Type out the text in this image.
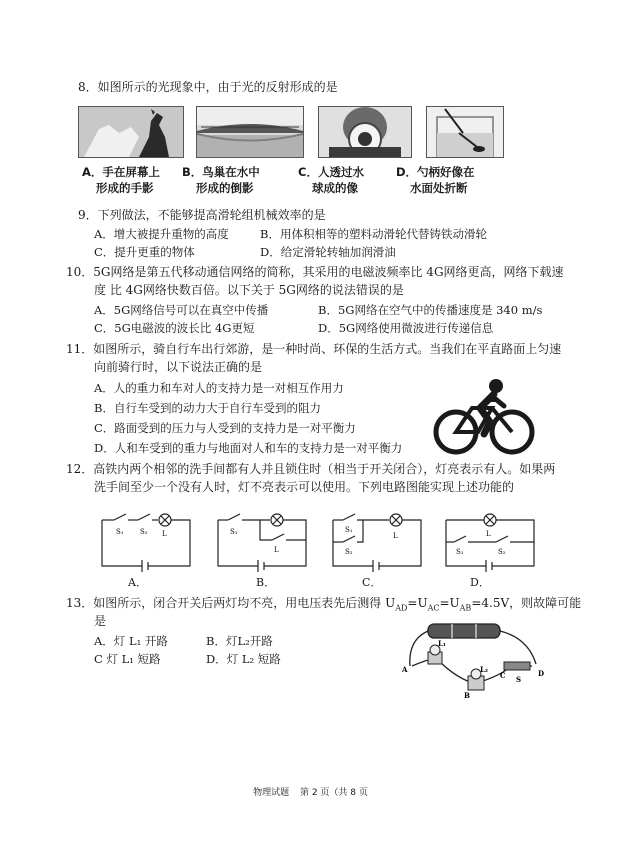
8．如图所示的光现象中，由于光的反射形成的是
A．手在屏幕上
形成的手影
B．鸟巢在水中
形成的倒影
C．人透过水
球成的像
D．勺柄好像在
水面处折断
9．下列做法，不能够提高滑轮组机械效率的是
A．增大被提升重物的高度	B．用体积相等的塑料动滑轮代替铸铁动滑轮
C．提升更重的物体	D．给定滑轮转轴加润滑油
10．5G网络是第五代移动通信网络的简称，其采用的电磁波频率比 4G网络更高，网络下载速
度 比 4G网络快数百倍。以下关于 5G网络的说法错误的是
A．5G网络信号可以在真空中传播	B．5G网络在空气中的传播速度是 340 m/s
C．5G电磁波的波长比 4G更短	D．5G网络使用微波进行传递信息
11．如图所示，骑自行车出行郊游，是一种时尚、环保的生活方式。当我们在平直路面上匀速
向前骑行时，以下说法正确的是
A．人的重力和车对人的支持力是一对相互作用力
B．自行车受到的动力大于自行车受到的阻力
C．路面受到的压力与人受到的支持力是一对平衡力
D．人和车受到的重力与地面对人和车的支持力是一对平衡力
12．高铁内两个相邻的洗手间都有人并且锁住时（相当于开关闭合），灯亮表示有人。如果两
洗手间至少一个没有人时，灯不亮表示可以使用。下列电路图能实现上述功能的
S₁ S₂ L	S₁
L
S₁
S₂
L
S₁	S₂
L
A．	B．	C．	D．
13．如图所示，闭合开关后两灯均不亮，用电压表先后测得 $U_{AD}=U_{AC}=U_{AB}=4.5V$，则故障可能
是
A．灯 L₁ 开路	B．灯L₂开路
C 灯 L₁ 短路	D．灯 L₂ 短路
L₁
L₂
A
B
C	D
S
物理试题 第 2 页（共 8 页
